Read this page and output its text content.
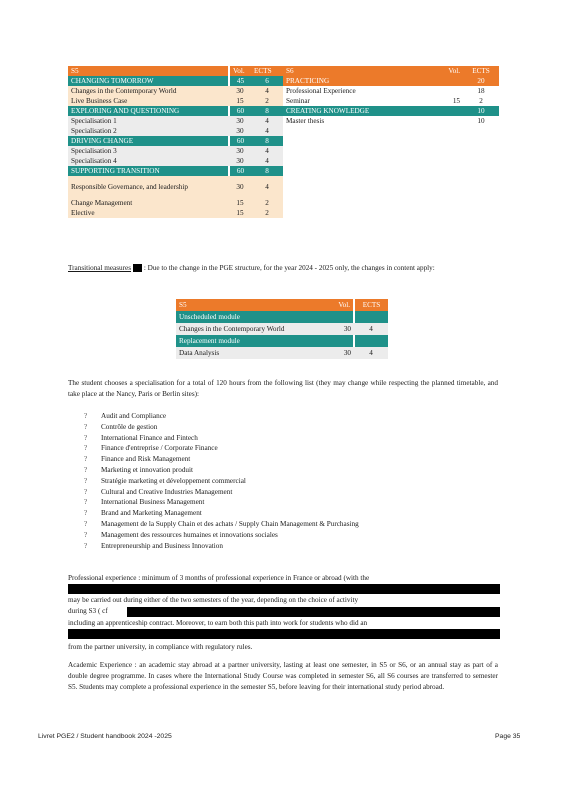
S5	Vol.	ECTS	S6	Vol.	ECTS
CHANGING TOMORROW	45	6	PRACTICING		20
Changes in the Contemporary World	30	4	Professional Experience		18
Live Business Case	15	2	Seminar	15	2
EXPLORING AND QUESTIONING	60	8	CREATING KNOWLEDGE		10
Specialisation 1	30	4	Master thesis		10
Specialisation 2	30	4			
DRIVING CHANGE	60	8			
Specialisation 3	30	4			
Specialisation 4	30	4			
SUPPORTING TRANSITION	60	8			
Responsible Governance, and leadership	30	4			
Change Management	15	2			
Elective	15	2			

Transitional measures : Due to the change in the PGE structure, for the year 2024 - 2025 only, the changes in content apply:

S5	Vol.	ECTS
Unscheduled module		
Changes in the Contemporary World	30	4
Replacement module		
Data Analysis	30	4

The student chooses a specialisation for a total of 120 hours from the following list (they may change while respecting the planned timetable, and take place at the Nancy, Paris or Berlin sites):

? Audit and Compliance
? Contrôle de gestion
? International Finance and Fintech
? Finance d'entreprise / Corporate Finance
? Finance and Risk Management
? Marketing et innovation produit
? Stratégie marketing et développement commercial
? Cultural and Creative Industries Management
? International Business Management
? Brand and Marketing Management
? Management de la Supply Chain et des achats / Supply Chain Management & Purchasing
? Management des ressources humaines et innovations sociales
? Entrepreneurship and Business Innovation

Professional experience : minimum of 3 months of professional experience in France or abroad (with the

may be carried out during either of the two semesters of the year, depending on the choice of activity

during S3 ( cf

including an apprenticeship contract. Moreover, to earn both this path into work for students who did an

from the partner university, in compliance with regulatory rules.

Academic Experience : an academic stay abroad at a partner university, lasting at least one semester, in S5 or S6, or an annual stay as part of a double degree programme. In cases where the International Study Course was completed in semester S6, all S6 courses are transferred to semester S5. Students may complete a professional experience in the semester S5, before leaving for their international study period abroad.

Livret PGE2 / Student handbook 2024 -2025	Page 35
